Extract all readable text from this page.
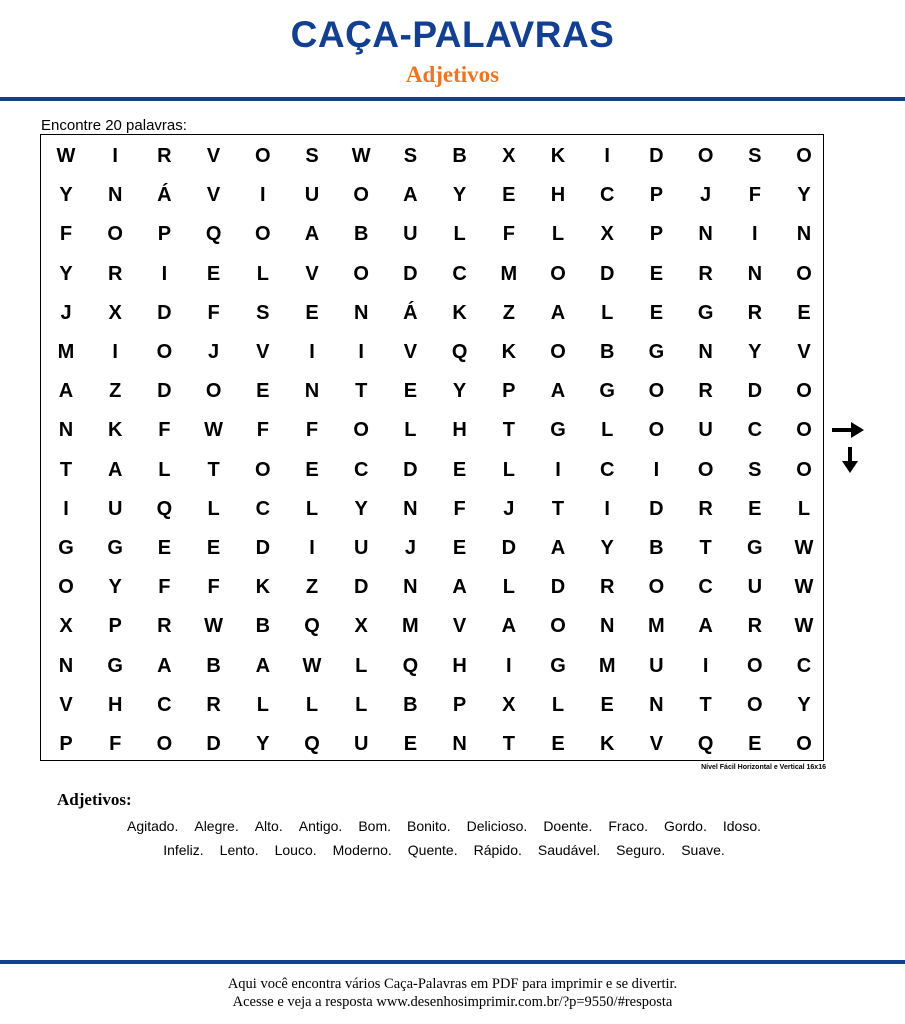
CAÇA-PALAVRAS
Adjetivos
Encontre 20 palavras:
W	I	R	V	O	S	W	S	B	X	K	I	D	O	S	O
Y	N	Á	V	I	U	O	A	Y	E	H	C	P	J	F	Y
F	O	P	Q	O	A	B	U	L	F	L	X	P	N	I	N
Y	R	I	E	L	V	O	D	C	M	O	D	E	R	N	O
J	X	D	F	S	E	N	Á	K	Z	A	L	E	G	R	E
M	I	O	J	V	I	I	V	Q	K	O	B	G	N	Y	V
A	Z	D	O	E	N	T	E	Y	P	A	G	O	R	D	O
N	K	F	W	F	F	O	L	H	T	G	L	O	U	C	O
T	A	L	T	O	E	C	D	E	L	I	C	I	O	S	O
I	U	Q	L	C	L	Y	N	F	J	T	I	D	R	E	L
G	G	E	E	D	I	U	J	E	D	A	Y	B	T	G	W
O	Y	F	F	K	Z	D	N	A	L	D	R	O	C	U	W
X	P	R	W	B	Q	X	M	V	A	O	N	M	A	R	W
N	G	A	B	A	W	L	Q	H	I	G	M	U	I	O	C
V	H	C	R	L	L	L	B	P	X	L	E	N	T	O	Y
P	F	O	D	Y	Q	U	E	N	T	E	K	V	Q	E	O
Nível Fácil Horizontal e Vertical 16x16
Adjetivos:
Agitado. Alegre. Alto. Antigo. Bom. Bonito. Delicioso. Doente. Fraco. Gordo. Idoso.
Infeliz. Lento. Louco. Moderno. Quente. Rápido. Saudável. Seguro. Suave.
Aqui você encontra vários Caça-Palavras em PDF para imprimir e se divertir.
Acesse e veja a resposta www.desenhosimprimir.com.br/?p=9550/#resposta
